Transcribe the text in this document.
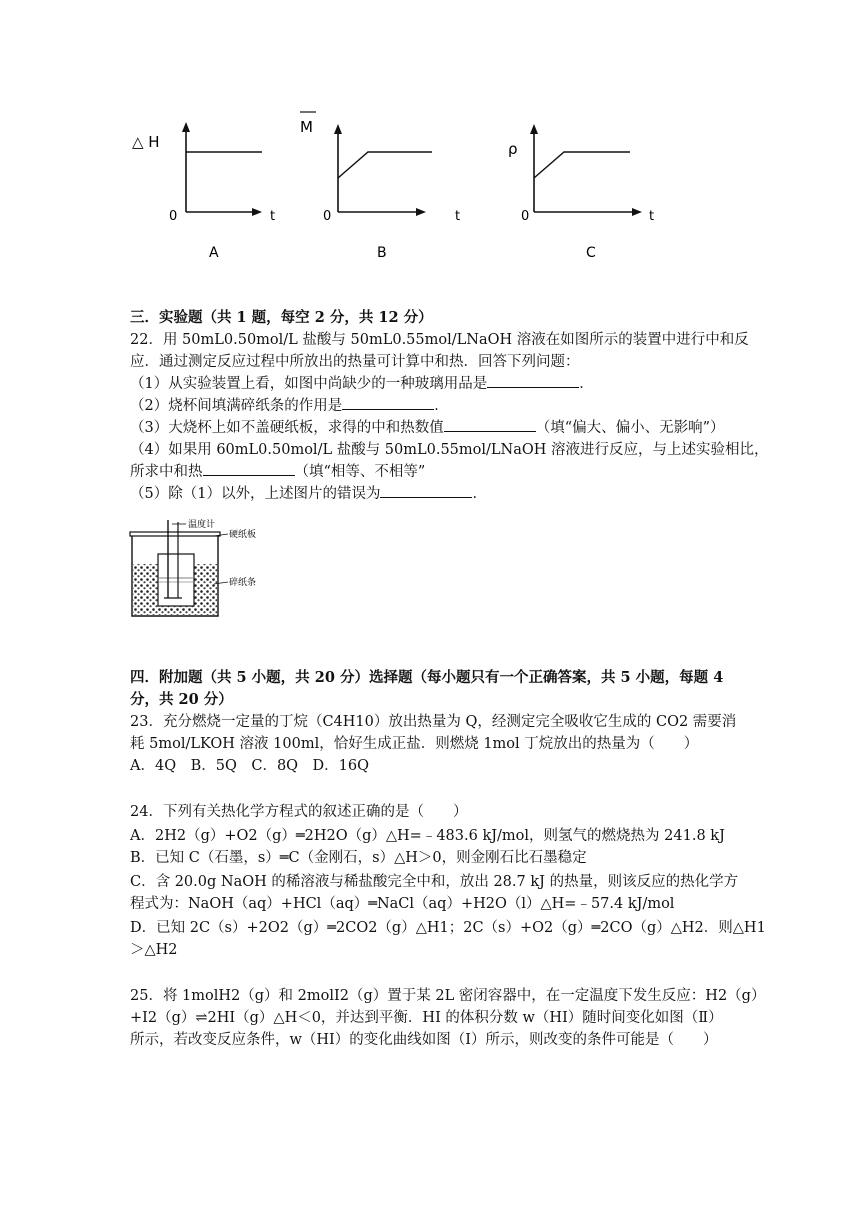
△ H
0	t
A
M
0	t
B
ρ
0	t
C
三．实验题（共 1 题，每空 2 分，共 12 分）
22．用 50mL0.50mol/L 盐酸与 50mL0.55mol/LNaOH 溶液在如图所示的装置中进行中和反
应．通过测定反应过程中所放出的热量可计算中和热．回答下列问题：
（1）从实验装置上看，如图中尚缺少的一种玻璃用品是	．
（2）烧杯间填满碎纸条的作用是	．
（3）大烧杯上如不盖硬纸板，求得的中和热数值	（填“偏大、偏小、无影响”）
（4）如果用 60mL0.50mol/L 盐酸与 50mL0.55mol/LNaOH 溶液进行反应，与上述实验相比，
所求中和热	（填“相等、不相等”
（5）除（1）以外，上述图片的错误为	．
温度计
硬纸板
碎纸条
四．附加题（共 5 小题，共 20 分）选择题（每小题只有一个正确答案，共 5 小题，每题 4
分，共 20 分）
23．充分燃烧一定量的丁烷（C4H10）放出热量为 Q，经测定完全吸收它生成的 CO2 需要消
耗 5mol/LKOH 溶液 100ml，恰好生成正盐．则燃烧 1mol 丁烷放出的热量为（　　）
A．4Q　B．5Q　C．8Q　D．16Q
24．下列有关热化学方程式的叙述正确的是（　　）
A．2H2（g）+O2（g）═2H2O（g）△H=﹣483.6 kJ/mol，则氢气的燃烧热为 241.8 kJ
B．已知 C（石墨，s）═C（金刚石，s）△H＞0，则金刚石比石墨稳定
C．含 20.0g NaOH 的稀溶液与稀盐酸完全中和，放出 28.7 kJ 的热量，则该反应的热化学方
程式为：NaOH（aq）+HCl（aq）═NaCl（aq）+H2O（l）△H=﹣57.4 kJ/mol
D．已知 2C（s）+2O2（g）═2CO2（g）△H1；2C（s）+O2（g）═2CO（g）△H2．则△H1
＞△H2
25．将 1molH2（g）和 2molI2（g）置于某 2L 密闭容器中，在一定温度下发生反应：H2（g）
+I2（g）⇌2HI（g）△H＜0，并达到平衡．HI 的体积分数 w（HI）随时间变化如图（Ⅱ）
所示，若改变反应条件，w（HI）的变化曲线如图（Ⅰ）所示，则改变的条件可能是（　　）
